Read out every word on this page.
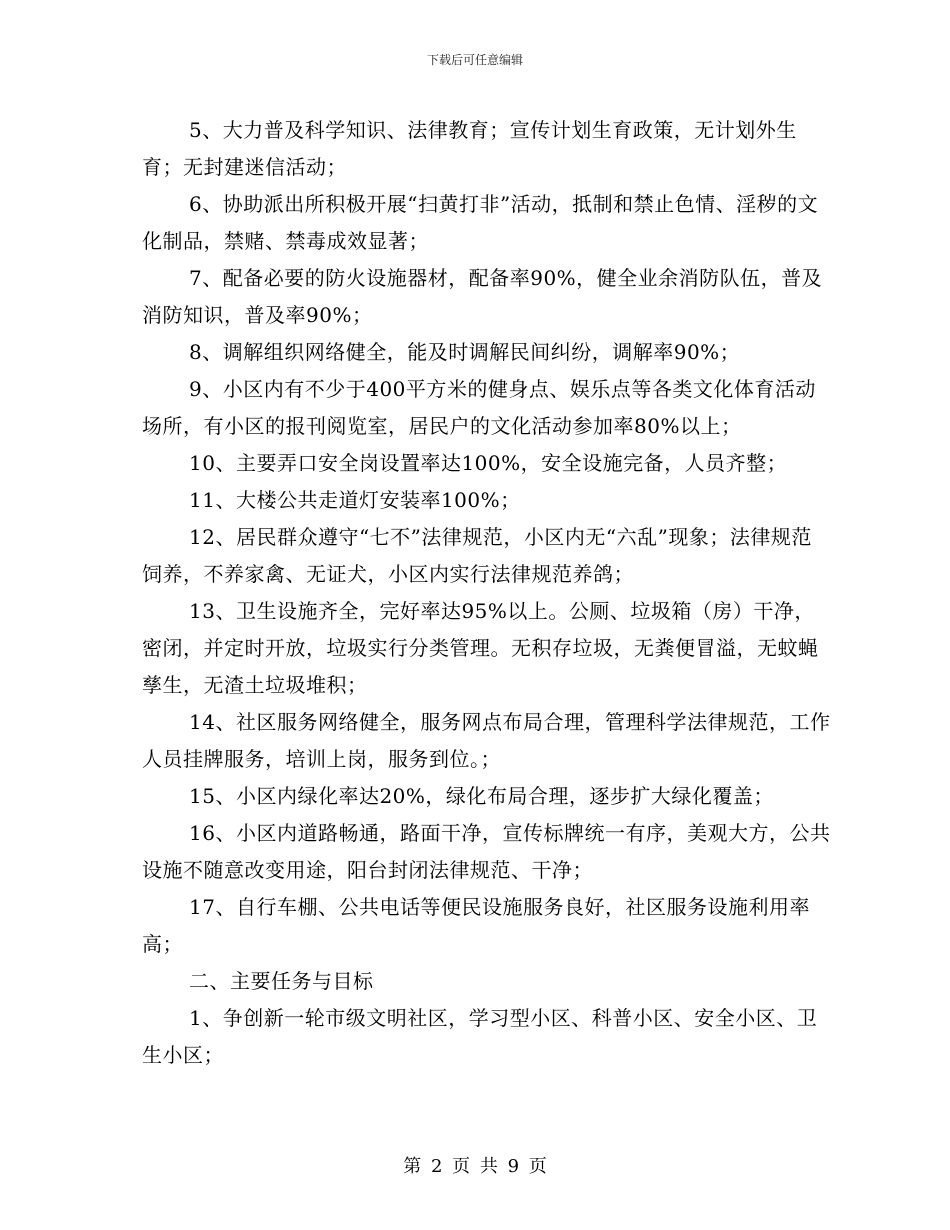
下载后可任意编辑

5、大力普及科学知识、法律教育；宣传计划生育政策，无计划外生育；无封建迷信活动；

6、协助派出所积极开展“扫黄打非”活动，抵制和禁止色情、淫秽的文化制品，禁赌、禁毒成效显著；

7、配备必要的防火设施器材，配备率90%，健全业余消防队伍，普及消防知识，普及率90%；

8、调解组织网络健全，能及时调解民间纠纷，调解率90%；

9、小区内有不少于400平方米的健身点、娱乐点等各类文化体育活动场所，有小区的报刊阅览室，居民户的文化活动参加率80%以上；

10、主要弄口安全岗设置率达100%，安全设施完备，人员齐整；

11、大楼公共走道灯安装率100%；

12、居民群众遵守“七不”法律规范，小区内无“六乱”现象；法律规范饲养，不养家禽、无证犬，小区内实行法律规范养鸽；

13、卫生设施齐全，完好率达95%以上。公厕、垃圾箱（房）干净，密闭，并定时开放，垃圾实行分类管理。无积存垃圾，无粪便冒溢，无蚊蝇孳生，无渣土垃圾堆积；

14、社区服务网络健全，服务网点布局合理，管理科学法律规范，工作人员挂牌服务，培训上岗，服务到位。；

15、小区内绿化率达20%，绿化布局合理，逐步扩大绿化覆盖；

16、小区内道路畅通，路面干净，宣传标牌统一有序，美观大方，公共设施不随意改变用途，阳台封闭法律规范、干净；

17、自行车棚、公共电话等便民设施服务良好，社区服务设施利用率高；

二、主要任务与目标

1、争创新一轮市级文明社区，学习型小区、科普小区、安全小区、卫生小区；

第 2 页 共 9 页
